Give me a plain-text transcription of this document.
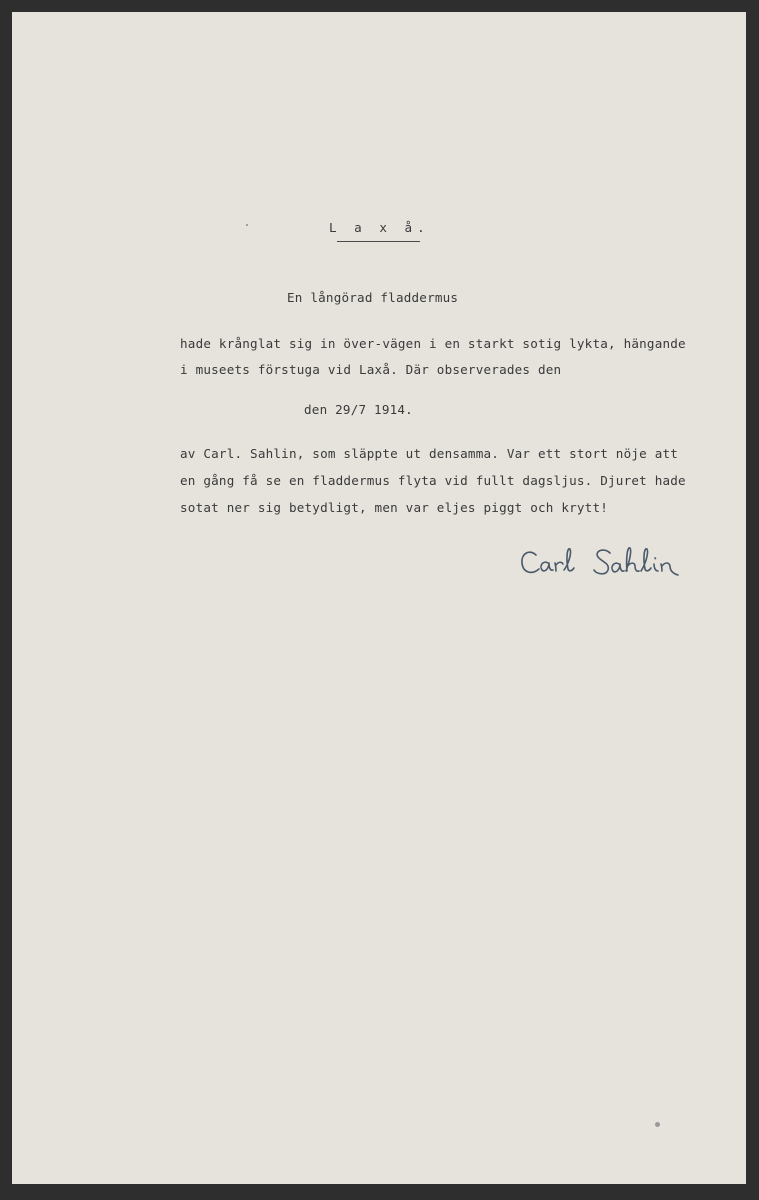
L a x å.
En långörad fladdermus
hade krånglat sig in över-vägen i en starkt sotig lykta, hängande
i museets förstuga vid Laxå. Där observerades den
den 29/7 1914.
av Carl. Sahlin, som släppte ut densamma. Var ett stort nöje att
en gång få se en fladdermus flyta vid fullt dagsljus. Djuret hade
sotat ner sig betydligt, men var eljes piggt och krytt!
